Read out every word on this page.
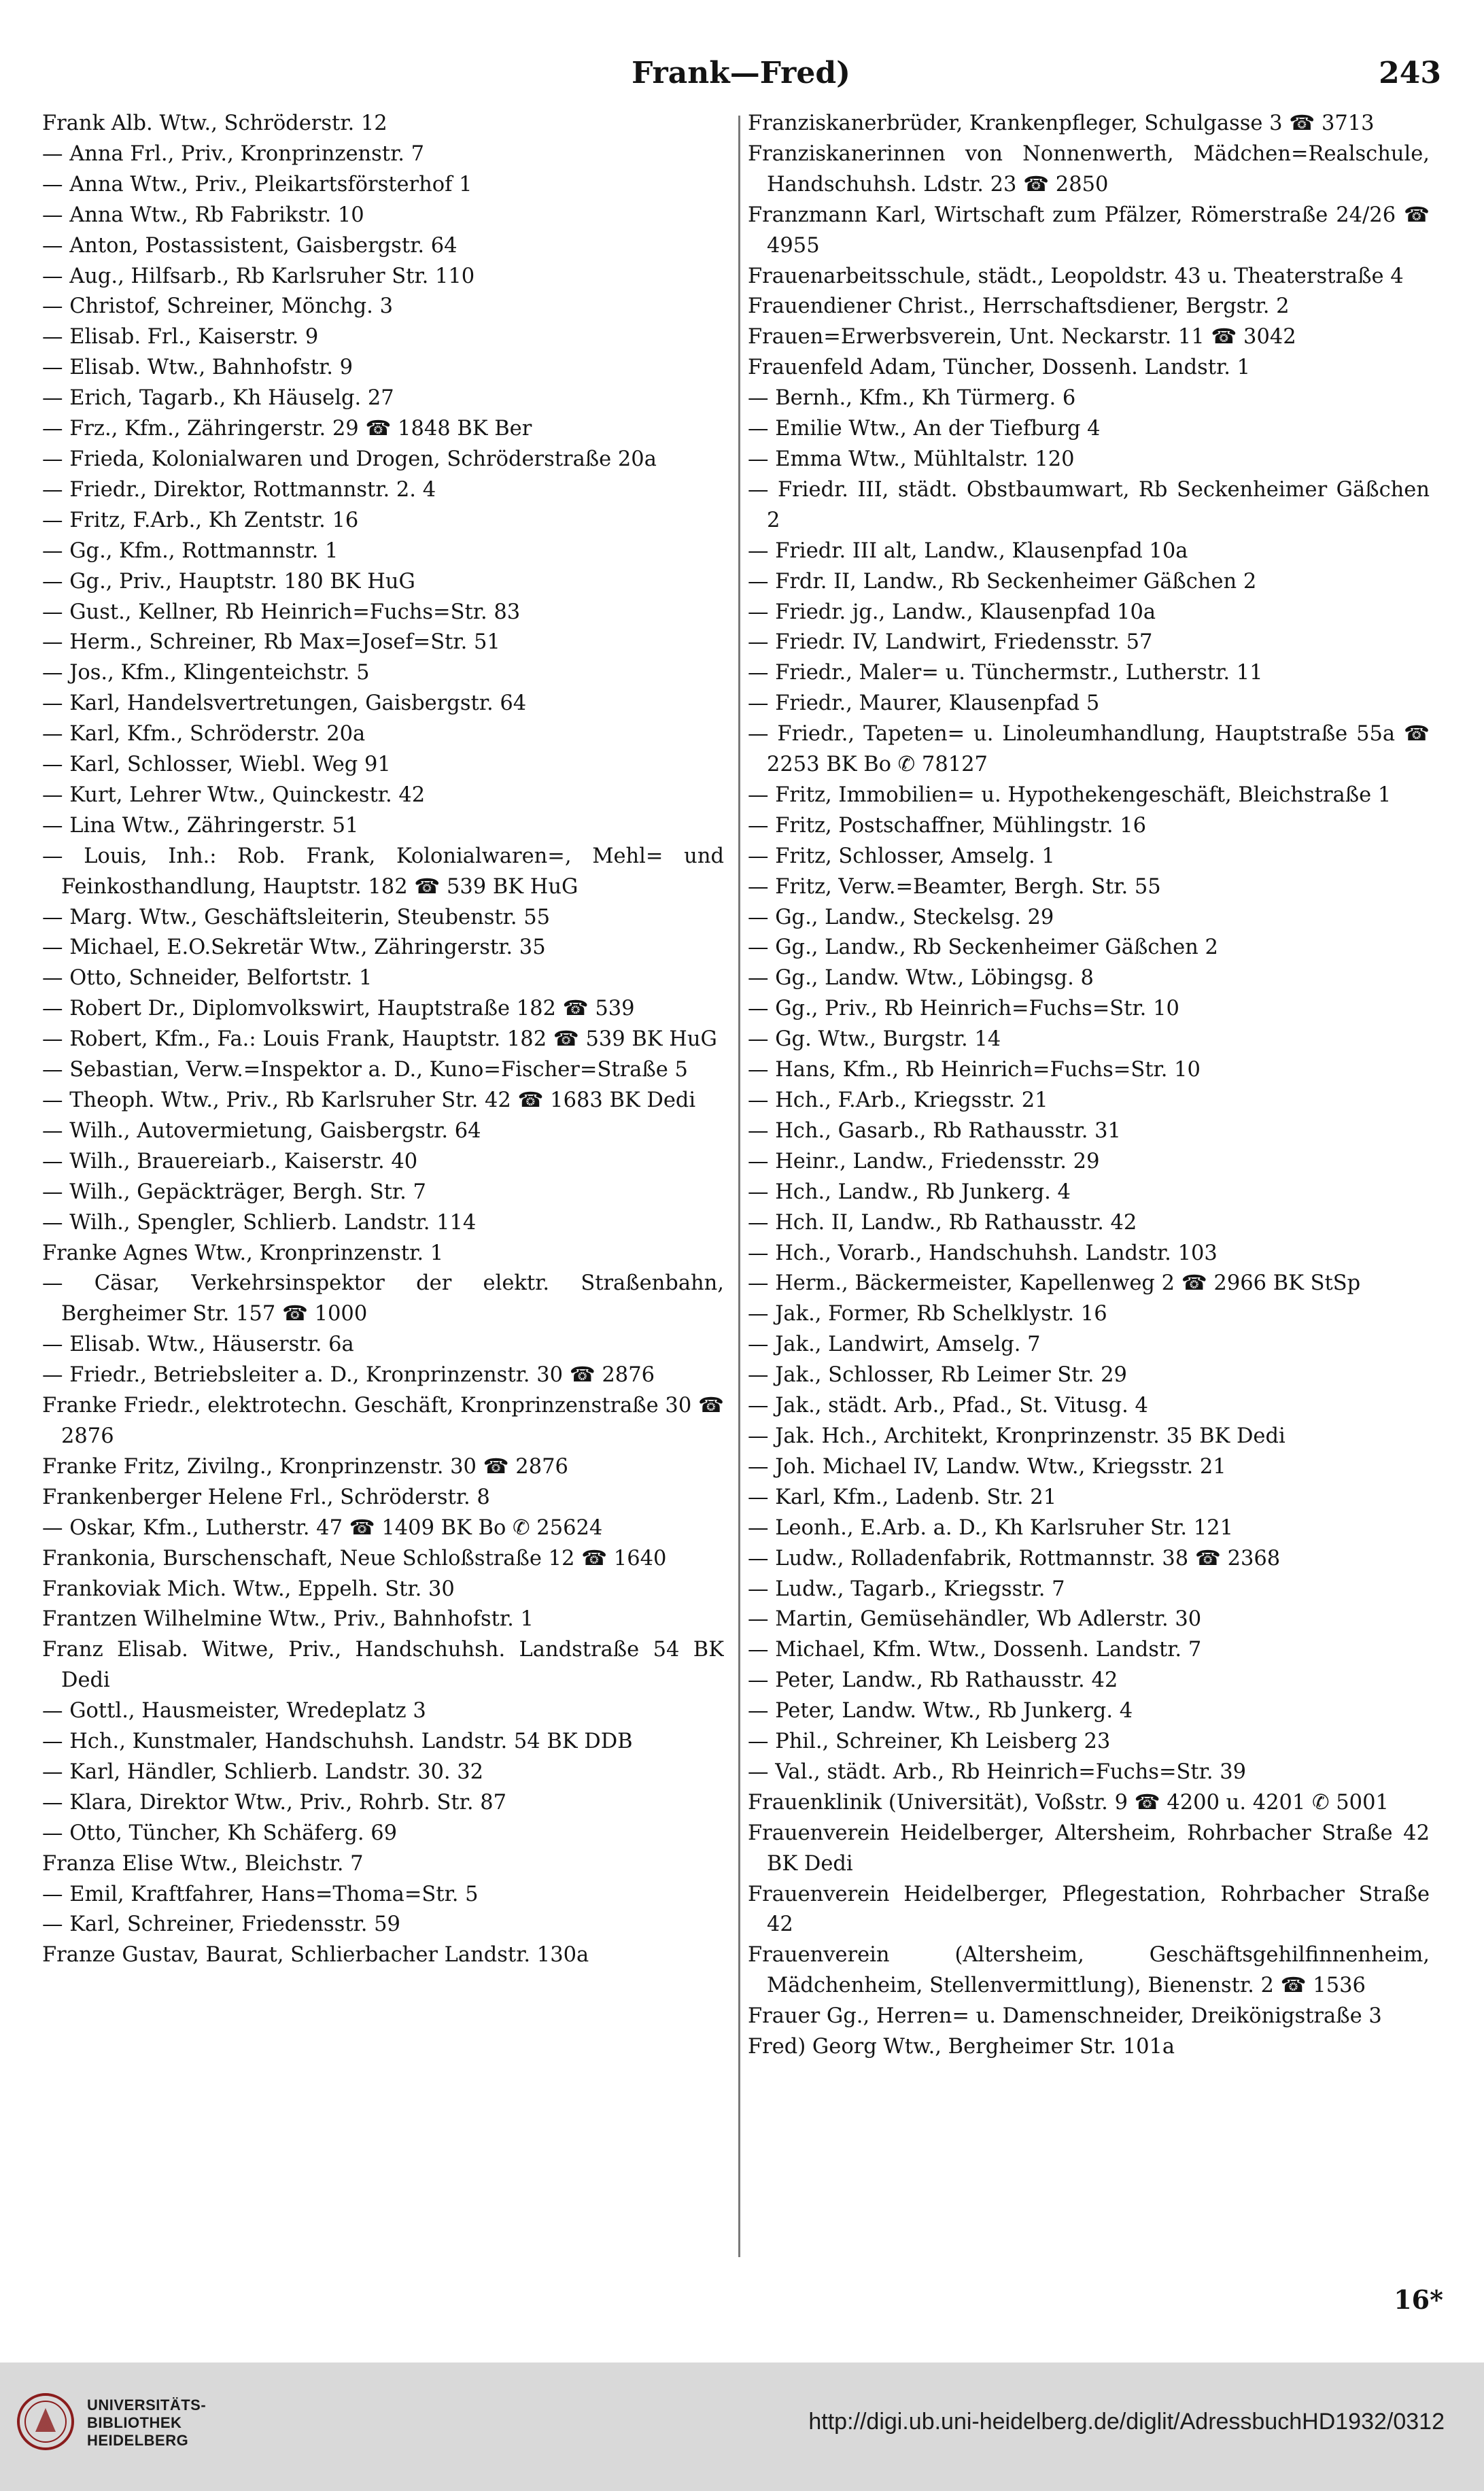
Frank—Fred)	243
Frank Alb. Wtw., Schröderstr. 12
— Anna Frl., Priv., Kronprinzenstr. 7
— Anna Wtw., Priv., Pleikartsförsterhof 1
— Anna Wtw., Rb Fabrikstr. 10
— Anton, Postassistent, Gaisbergstr. 64
— Aug., Hilfsarb., Rb Karlsruher Str. 110
— Christof, Schreiner, Mönchg. 3
— Elisab. Frl., Kaiserstr. 9
— Elisab. Wtw., Bahnhofstr. 9
— Erich, Tagarb., Kh Häuselg. 27
— Frz., Kfm., Zähringerstr. 29 ☎ 1848 BK Ber
— Frieda, Kolonialwaren und Drogen, Schröderstraße 20a
— Friedr., Direktor, Rottmannstr. 2. 4
— Fritz, F.Arb., Kh Zentstr. 16
— Gg., Kfm., Rottmannstr. 1
— Gg., Priv., Hauptstr. 180 BK HuG
— Gust., Kellner, Rb Heinrich=Fuchs=Str. 83
— Herm., Schreiner, Rb Max=Josef=Str. 51
— Jos., Kfm., Klingenteichstr. 5
— Karl, Handelsvertretungen, Gaisbergstr. 64
— Karl, Kfm., Schröderstr. 20a
— Karl, Schlosser, Wiebl. Weg 91
— Kurt, Lehrer Wtw., Quinckestr. 42
— Lina Wtw., Zähringerstr. 51
— Louis, Inh.: Rob. Frank, Kolonialwaren=, Mehl= und Feinkosthandlung, Hauptstr. 182 ☎ 539 BK HuG
— Marg. Wtw., Geschäftsleiterin, Steubenstr. 55
— Michael, E.O.Sekretär Wtw., Zähringerstr. 35
— Otto, Schneider, Belfortstr. 1
— Robert Dr., Diplomvolkswirt, Hauptstraße 182 ☎ 539
— Robert, Kfm., Fa.: Louis Frank, Hauptstr. 182 ☎ 539 BK HuG
— Sebastian, Verw.=Inspektor a. D., Kuno=Fischer=Straße 5
— Theoph. Wtw., Priv., Rb Karlsruher Str. 42 ☎ 1683 BK Dedi
— Wilh., Autovermietung, Gaisbergstr. 64
— Wilh., Brauereiarb., Kaiserstr. 40
— Wilh., Gepäckträger, Bergh. Str. 7
— Wilh., Spengler, Schlierb. Landstr. 114
Franke Agnes Wtw., Kronprinzenstr. 1
— Cäsar, Verkehrsinspektor der elektr. Straßenbahn, Bergheimer Str. 157 ☎ 1000
— Elisab. Wtw., Häuserstr. 6a
— Friedr., Betriebsleiter a. D., Kronprinzenstr. 30 ☎ 2876
Franke Friedr., elektrotechn. Geschäft, Kronprinzenstraße 30 ☎ 2876
Franke Fritz, Zivilng., Kronprinzenstr. 30 ☎ 2876
Frankenberger Helene Frl., Schröderstr. 8
— Oskar, Kfm., Lutherstr. 47 ☎ 1409 BK Bo ✆ 25624
Frankonia, Burschenschaft, Neue Schloßstraße 12 ☎ 1640
Frankoviak Mich. Wtw., Eppelh. Str. 30
Frantzen Wilhelmine Wtw., Priv., Bahnhofstr. 1
Franz Elisab. Witwe, Priv., Handschuhsh. Landstraße 54 BK Dedi
— Gottl., Hausmeister, Wredeplatz 3
— Hch., Kunstmaler, Handschuhsh. Landstr. 54 BK DDB
— Karl, Händler, Schlierb. Landstr. 30. 32
— Klara, Direktor Wtw., Priv., Rohrb. Str. 87
— Otto, Tüncher, Kh Schäferg. 69
Franza Elise Wtw., Bleichstr. 7
— Emil, Kraftfahrer, Hans=Thoma=Str. 5
— Karl, Schreiner, Friedensstr. 59
Franze Gustav, Baurat, Schlierbacher Landstr. 130a
Franziskanerbrüder, Krankenpfleger, Schulgasse 3 ☎ 3713
Franziskanerinnen von Nonnenwerth, Mädchen=Realschule, Handschuhsh. Ldstr. 23 ☎ 2850
Franzmann Karl, Wirtschaft zum Pfälzer, Römerstraße 24/26 ☎ 4955
Frauenarbeitsschule, städt., Leopoldstr. 43 u. Theaterstraße 4
Frauendiener Christ., Herrschaftsdiener, Bergstr. 2
Frauen=Erwerbsverein, Unt. Neckarstr. 11 ☎ 3042
Frauenfeld Adam, Tüncher, Dossenh. Landstr. 1
— Bernh., Kfm., Kh Türmerg. 6
— Emilie Wtw., An der Tiefburg 4
— Emma Wtw., Mühltalstr. 120
— Friedr. III, städt. Obstbaumwart, Rb Seckenheimer Gäßchen 2
— Friedr. III alt, Landw., Klausenpfad 10a
— Frdr. II, Landw., Rb Seckenheimer Gäßchen 2
— Friedr. jg., Landw., Klausenpfad 10a
— Friedr. IV, Landwirt, Friedensstr. 57
— Friedr., Maler= u. Tünchermstr., Lutherstr. 11
— Friedr., Maurer, Klausenpfad 5
— Friedr., Tapeten= u. Linoleumhandlung, Hauptstraße 55a ☎ 2253 BK Bo ✆ 78127
— Fritz, Immobilien= u. Hypothekengeschäft, Bleichstraße 1
— Fritz, Postschaffner, Mühlingstr. 16
— Fritz, Schlosser, Amselg. 1
— Fritz, Verw.=Beamter, Bergh. Str. 55
— Gg., Landw., Steckelsg. 29
— Gg., Landw., Rb Seckenheimer Gäßchen 2
— Gg., Landw. Wtw., Löbingsg. 8
— Gg., Priv., Rb Heinrich=Fuchs=Str. 10
— Gg. Wtw., Burgstr. 14
— Hans, Kfm., Rb Heinrich=Fuchs=Str. 10
— Hch., F.Arb., Kriegsstr. 21
— Hch., Gasarb., Rb Rathausstr. 31
— Heinr., Landw., Friedensstr. 29
— Hch., Landw., Rb Junkerg. 4
— Hch. II, Landw., Rb Rathausstr. 42
— Hch., Vorarb., Handschuhsh. Landstr. 103
— Herm., Bäckermeister, Kapellenweg 2 ☎ 2966 BK StSp
— Jak., Former, Rb Schelklystr. 16
— Jak., Landwirt, Amselg. 7
— Jak., Schlosser, Rb Leimer Str. 29
— Jak., städt. Arb., Pfad., St. Vitusg. 4
— Jak. Hch., Architekt, Kronprinzenstr. 35 BK Dedi
— Joh. Michael IV, Landw. Wtw., Kriegsstr. 21
— Karl, Kfm., Ladenb. Str. 21
— Leonh., E.Arb. a. D., Kh Karlsruher Str. 121
— Ludw., Rolladenfabrik, Rottmannstr. 38 ☎ 2368
— Ludw., Tagarb., Kriegsstr. 7
— Martin, Gemüsehändler, Wb Adlerstr. 30
— Michael, Kfm. Wtw., Dossenh. Landstr. 7
— Peter, Landw., Rb Rathausstr. 42
— Peter, Landw. Wtw., Rb Junkerg. 4
— Phil., Schreiner, Kh Leisberg 23
— Val., städt. Arb., Rb Heinrich=Fuchs=Str. 39
Frauenklinik (Universität), Voßstr. 9 ☎ 4200 u. 4201 ✆ 5001
Frauenverein Heidelberger, Altersheim, Rohrbacher Straße 42 BK Dedi
Frauenverein Heidelberger, Pflegestation, Rohrbacher Straße 42
Frauenverein (Altersheim, Geschäftsgehilfinnenheim, Mädchenheim, Stellenvermittlung), Bienenstr. 2 ☎ 1536
Frauer Gg., Herren= u. Damenschneider, Dreikönigstraße 3
Fred) Georg Wtw., Bergheimer Str. 101a
16*
UNIVERSITÄTS-
BIBLIOTHEK
HEIDELBERG
http://digi.ub.uni-heidelberg.de/diglit/AdressbuchHD1932/0312
